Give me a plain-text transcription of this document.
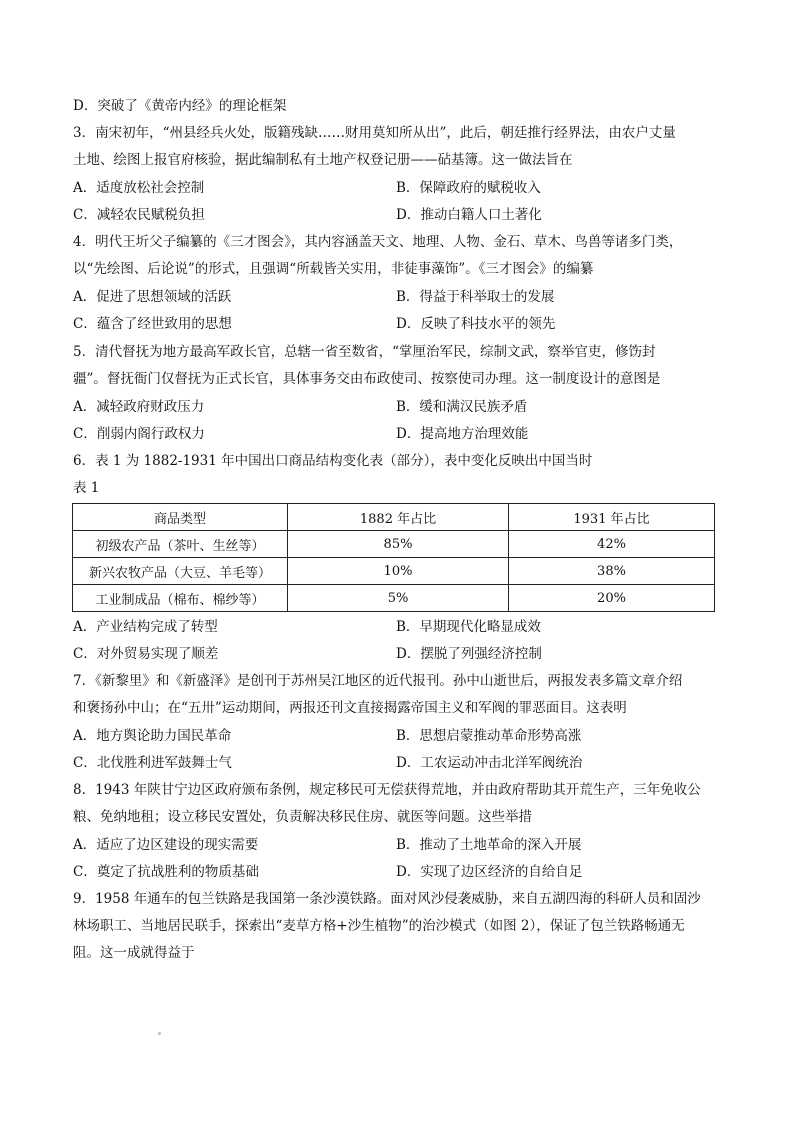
D．突破了《黄帝内经》的理论框架
3．南宋初年，“州县经兵火处，版籍残缺……财用莫知所从出”，此后，朝廷推行经界法，由农户丈量
土地、绘图上报官府核验，据此编制私有土地产权登记册——砧基簿。这一做法旨在
A．适度放松社会控制	B．保障政府的赋税收入
C．减轻农民赋税负担	D．推动白籍人口土著化
4．明代王圻父子编纂的《三才图会》，其内容涵盖天文、地理、人物、金石、草木、鸟兽等诸多门类，
以“先绘图、后论说”的形式，且强调“所载皆关实用，非徒事藻饰”。《三才图会》的编纂
A．促进了思想领域的活跃	B．得益于科举取士的发展
C．蕴含了经世致用的思想	D．反映了科技水平的领先
5．清代督抚为地方最高军政长官，总辖一省至数省，“掌厘治军民，综制文武，察举官吏，修饬封
疆”。督抚衙门仅督抚为正式长官，具体事务交由布政使司、按察使司办理。这一制度设计的意图是
A．减轻政府财政压力	B．缓和满汉民族矛盾
C．削弱内阁行政权力	D．提高地方治理效能
6．表 1 为 1882-1931 年中国出口商品结构变化表（部分），表中变化反映出中国当时
表 1
商品类型	1882 年占比	1931 年占比
初级农产品（茶叶、生丝等）	85%	42%
新兴农牧产品（大豆、羊毛等）	10%	38%
工业制成品（棉布、棉纱等）	5%	20%
A．产业结构完成了转型	B．早期现代化略显成效
C．对外贸易实现了顺差	D．摆脱了列强经济控制
7．《新黎里》和《新盛泽》是创刊于苏州吴江地区的近代报刊。孙中山逝世后，两报发表多篇文章介绍
和褒扬孙中山；在“五卅”运动期间，两报还刊文直接揭露帝国主义和军阀的罪恶面目。这表明
A．地方舆论助力国民革命	B．思想启蒙推动革命形势高涨
C．北伐胜利进军鼓舞士气	D．工农运动冲击北洋军阀统治
8．1943 年陕甘宁边区政府颁布条例，规定移民可无偿获得荒地，并由政府帮助其开荒生产，三年免收公
粮、免纳地租；设立移民安置处，负责解决移民住房、就医等问题。这些举措
A．适应了边区建设的现实需要	B．推动了土地革命的深入开展
C．奠定了抗战胜利的物质基础	D．实现了边区经济的自给自足
9．1958 年通车的包兰铁路是我国第一条沙漠铁路。面对风沙侵袭威胁，来自五湖四海的科研人员和固沙
林场职工、当地居民联手，探索出“麦草方格+沙生植物”的治沙模式（如图 2），保证了包兰铁路畅通无
阻。这一成就得益于
